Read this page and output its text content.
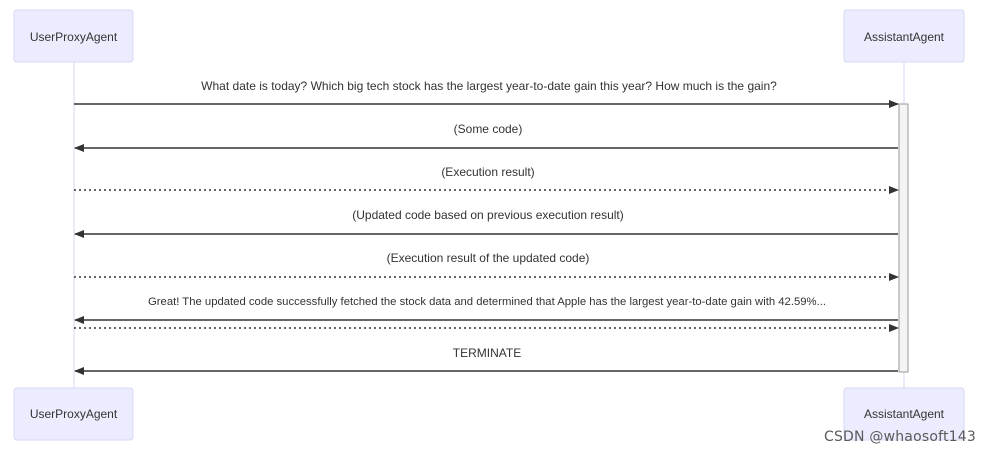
UserProxyAgent	AssistantAgent
UserProxyAgent	AssistantAgent
What date is today? Which big tech stock has the largest year-to-date gain this year? How much is the gain?
(Some code)
(Execution result)
(Updated code based on previous execution result)
(Execution result of the updated code)
Great! The updated code successfully fetched the stock data and determined that Apple has the largest year-to-date gain with 42.59%...
TERMINATE
CSDN @whaosoft143
